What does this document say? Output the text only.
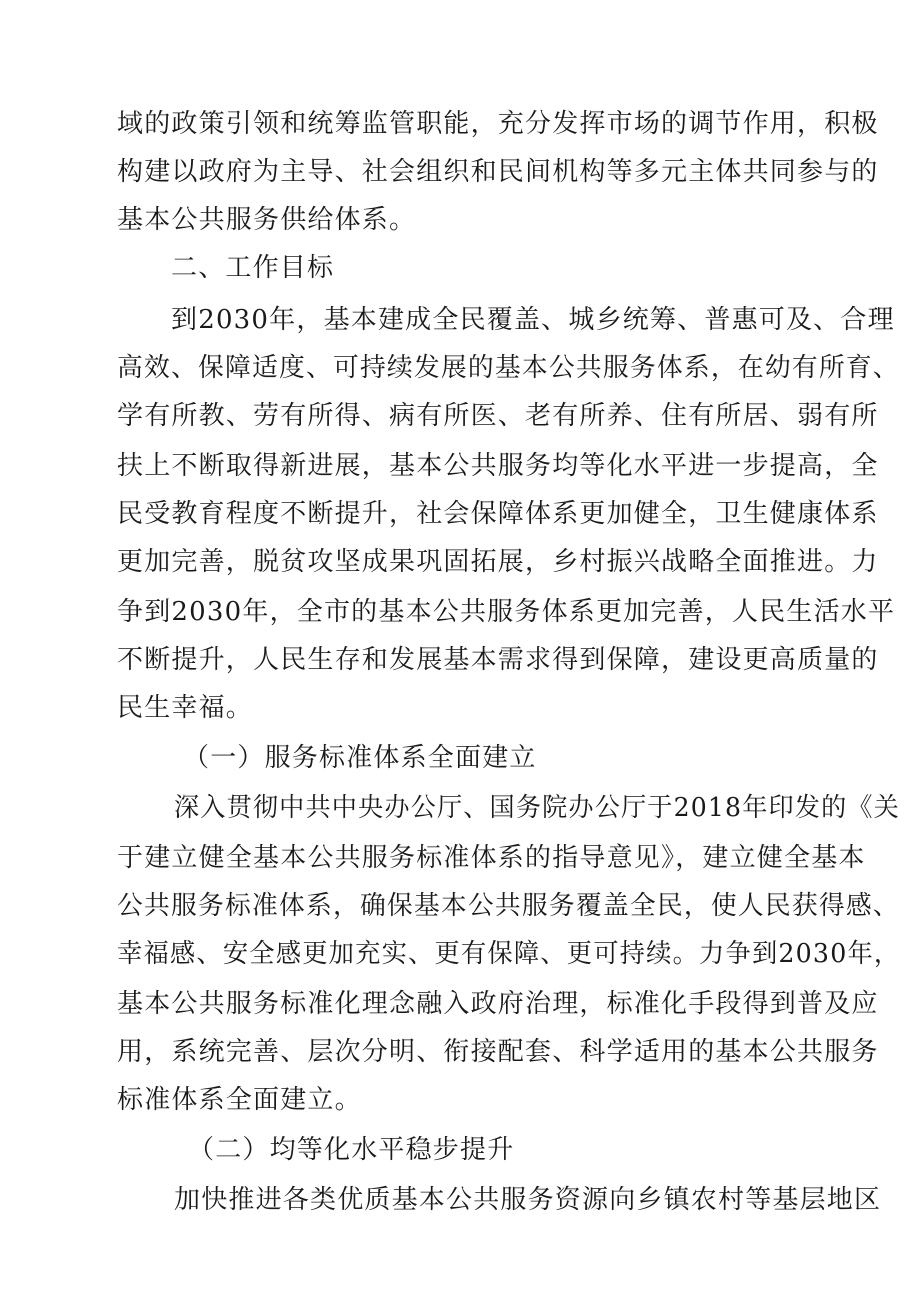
域的政策引领和统筹监管职能，充分发挥市场的调节作用，积极
构建以政府为主导、社会组织和民间机构等多元主体共同参与的
基本公共服务供给体系。
二、工作目标
到2030年，基本建成全民覆盖、城乡统筹、普惠可及、合理
高效、保障适度、可持续发展的基本公共服务体系，在幼有所育、
学有所教、劳有所得、病有所医、老有所养、住有所居、弱有所
扶上不断取得新进展，基本公共服务均等化水平进一步提高，全
民受教育程度不断提升，社会保障体系更加健全，卫生健康体系
更加完善，脱贫攻坚成果巩固拓展，乡村振兴战略全面推进。力
争到2030年，全市的基本公共服务体系更加完善，人民生活水平
不断提升，人民生存和发展基本需求得到保障，建设更高质量的
民生幸福。
（一）服务标准体系全面建立
深入贯彻中共中央办公厅、国务院办公厅于2018年印发的《关
于建立健全基本公共服务标准体系的指导意见》，建立健全基本
公共服务标准体系，确保基本公共服务覆盖全民，使人民获得感、
幸福感、安全感更加充实、更有保障、更可持续。力争到2030年，
基本公共服务标准化理念融入政府治理，标准化手段得到普及应
用，系统完善、层次分明、衔接配套、科学适用的基本公共服务
标准体系全面建立。
（二）均等化水平稳步提升
加快推进各类优质基本公共服务资源向乡镇农村等基层地区
